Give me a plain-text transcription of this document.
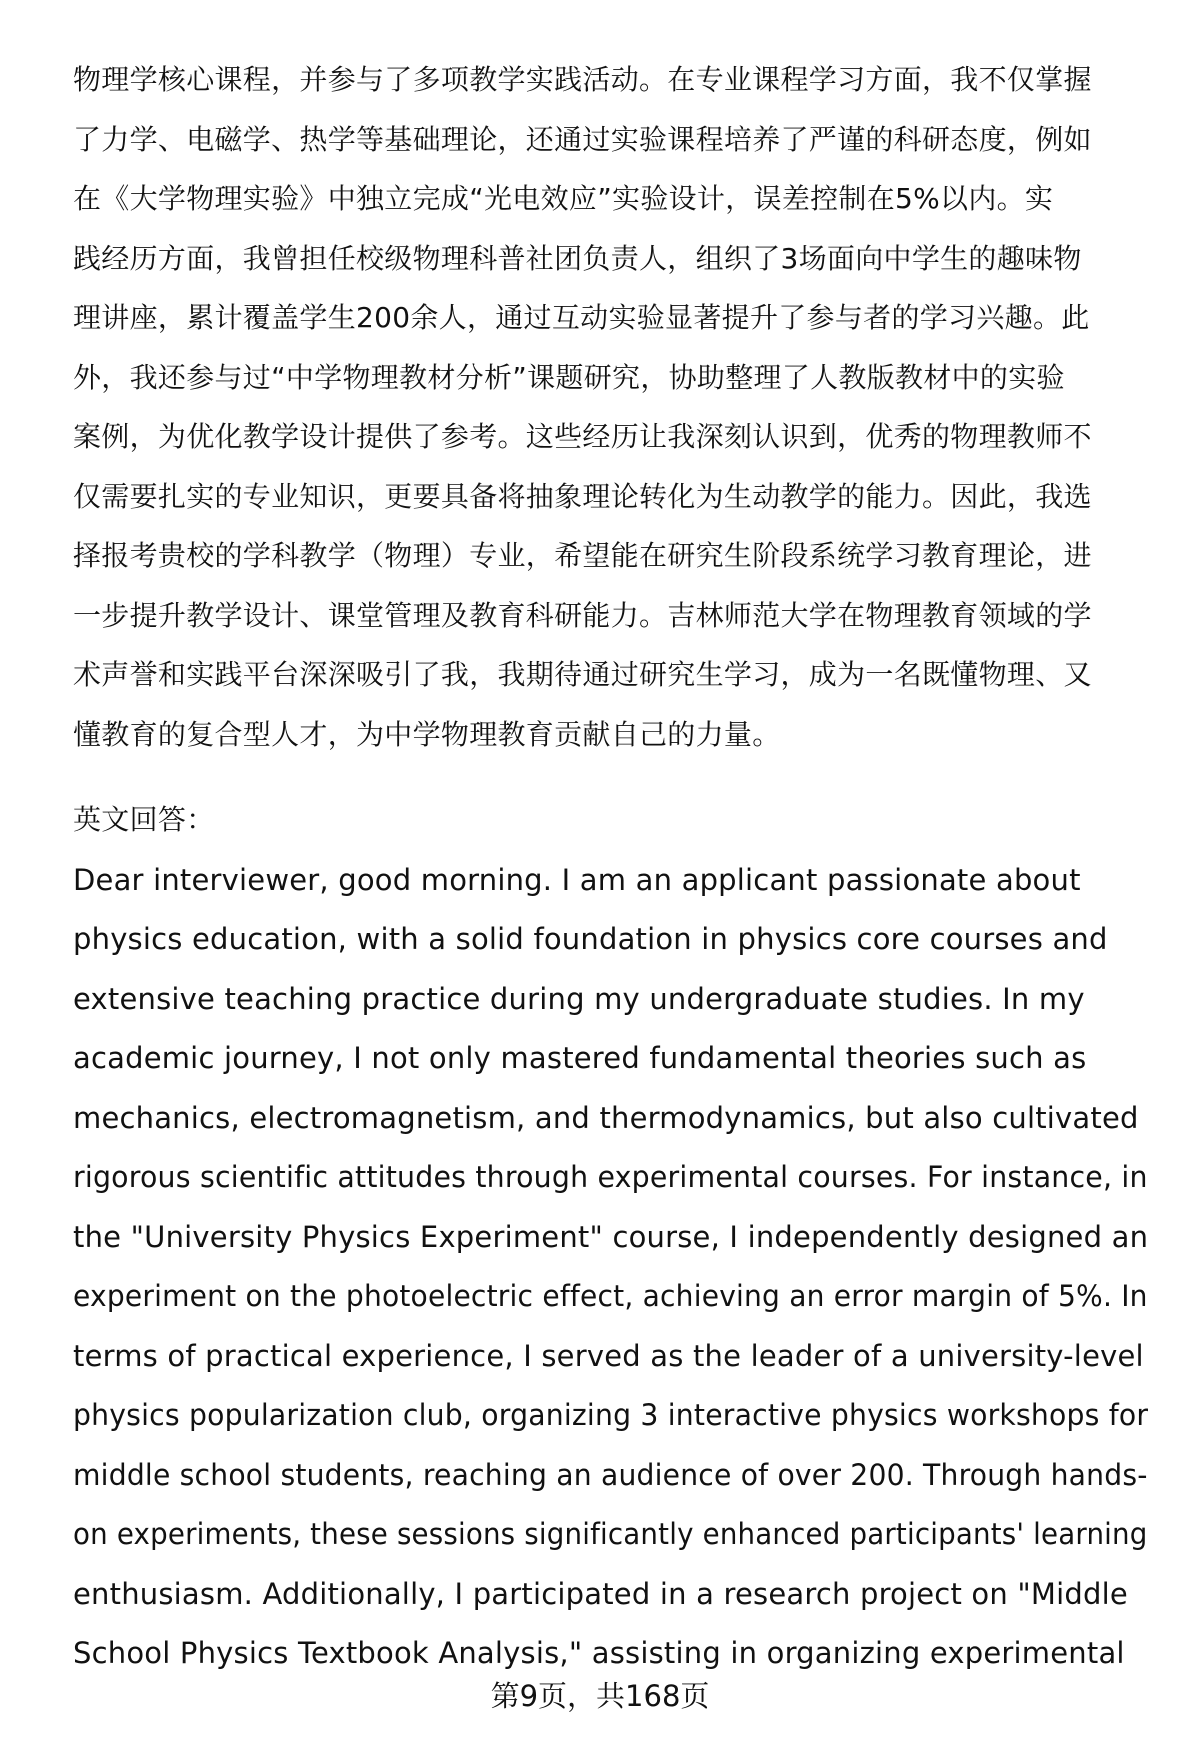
物理学核心课程，并参与了多项教学实践活动。在专业课程学习方面，我不仅掌握
了力学、电磁学、热学等基础理论，还通过实验课程培养了严谨的科研态度，例如
在《大学物理实验》中独立完成“光电效应”实验设计，误差控制在5%以内。实
践经历方面，我曾担任校级物理科普社团负责人，组织了3场面向中学生的趣味物
理讲座，累计覆盖学生200余人，通过互动实验显著提升了参与者的学习兴趣。此
外，我还参与过“中学物理教材分析”课题研究，协助整理了人教版教材中的实验
案例，为优化教学设计提供了参考。这些经历让我深刻认识到，优秀的物理教师不
仅需要扎实的专业知识，更要具备将抽象理论转化为生动教学的能力。因此，我选
择报考贵校的学科教学（物理）专业，希望能在研究生阶段系统学习教育理论，进
一步提升教学设计、课堂管理及教育科研能力。吉林师范大学在物理教育领域的学
术声誉和实践平台深深吸引了我，我期待通过研究生学习，成为一名既懂物理、又
懂教育的复合型人才，为中学物理教育贡献自己的力量。
英文回答：
Dear interviewer, good morning. I am an applicant passionate about
physics education, with a solid foundation in physics core courses and
extensive teaching practice during my undergraduate studies. In my
academic journey, I not only mastered fundamental theories such as
mechanics, electromagnetism, and thermodynamics, but also cultivated
rigorous scientific attitudes through experimental courses. For instance, in
the "University Physics Experiment" course, I independently designed an
experiment on the photoelectric effect, achieving an error margin of 5%. In
terms of practical experience, I served as the leader of a university-level
physics popularization club, organizing 3 interactive physics workshops for
middle school students, reaching an audience of over 200. Through hands-
on experiments, these sessions significantly enhanced participants' learning
enthusiasm. Additionally, I participated in a research project on "Middle
School Physics Textbook Analysis," assisting in organizing experimental
第9页，共168页
